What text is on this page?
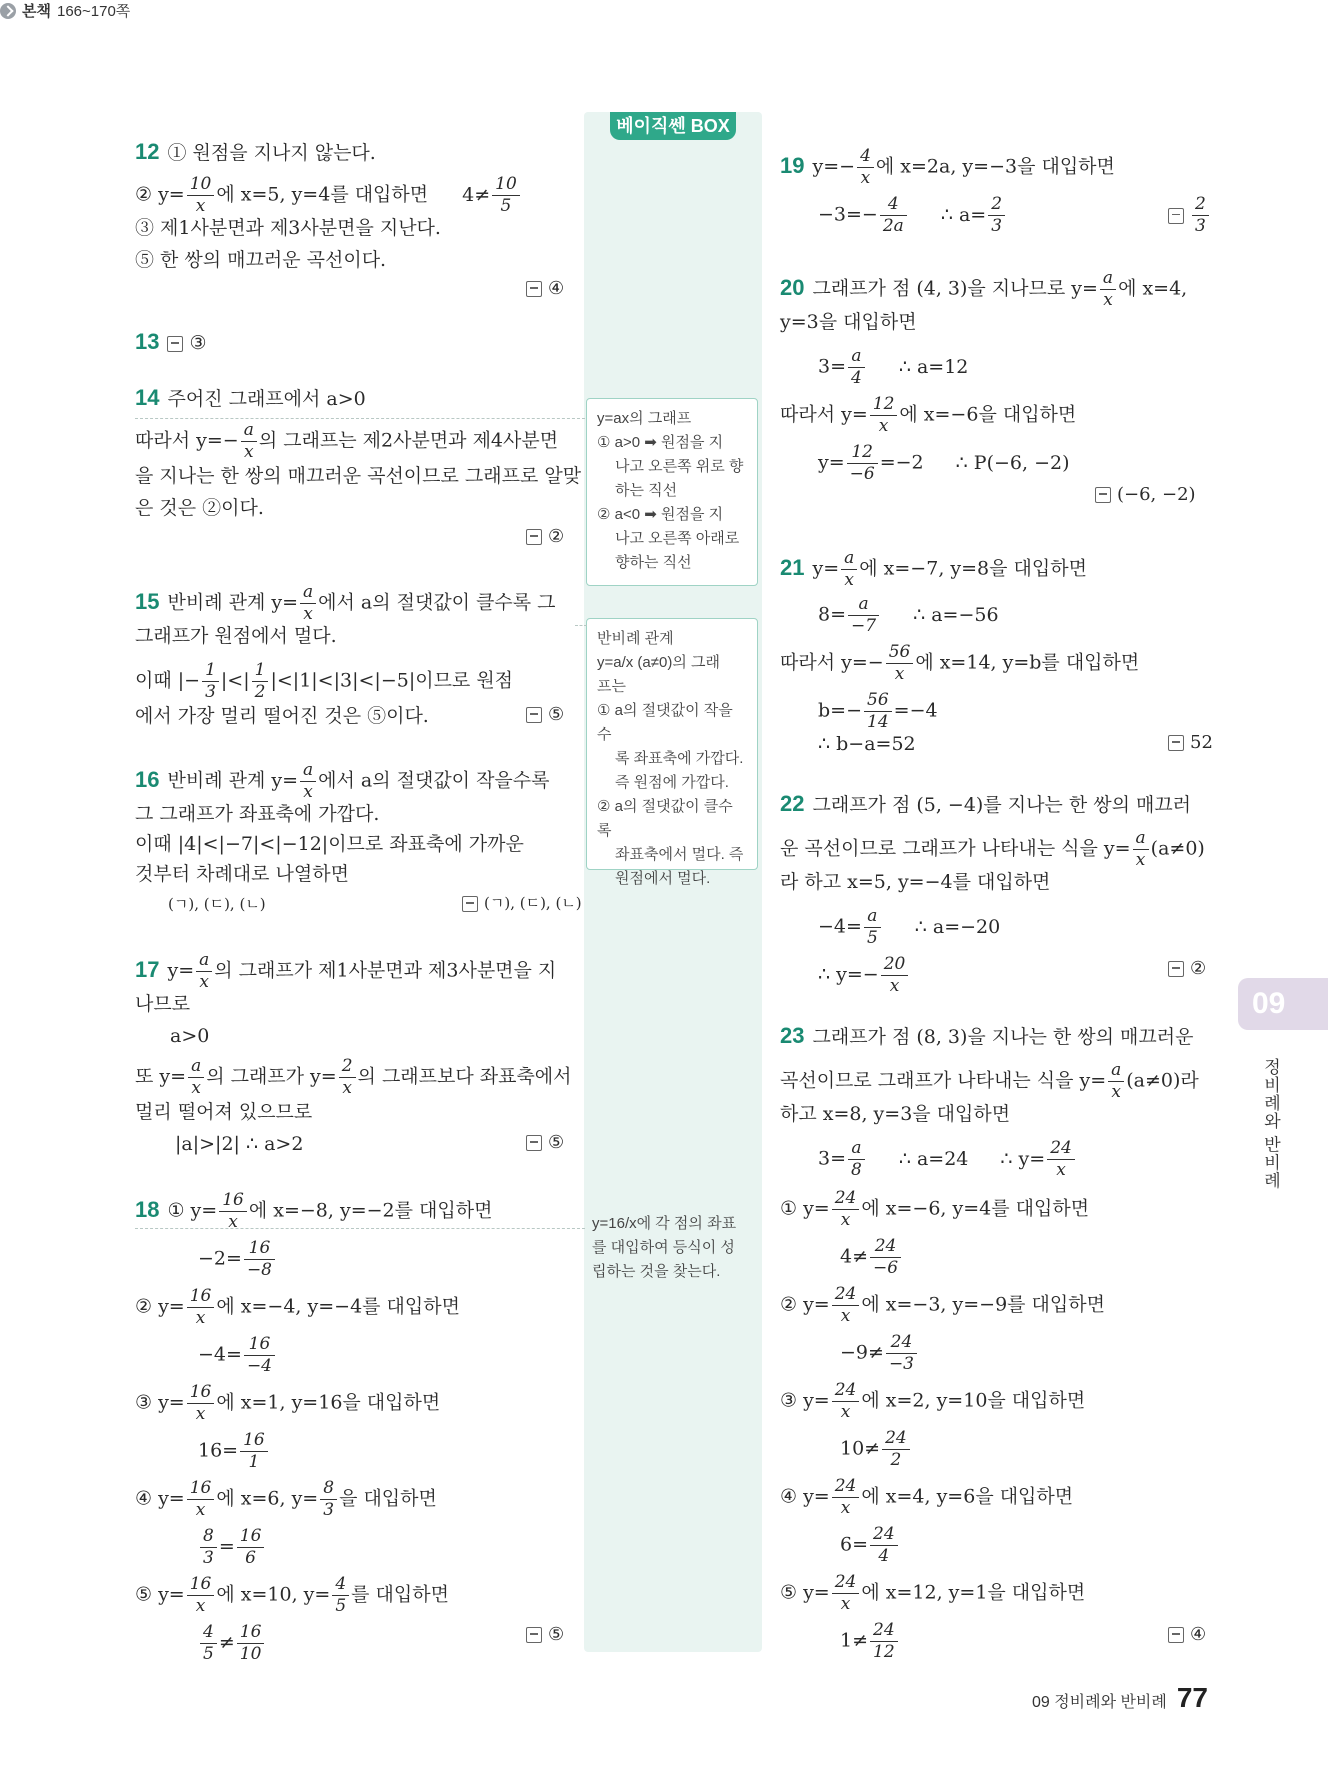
본책 166~170쪽
베이직쎈 BOX
y=ax의 그래프
① a>0 ➡ 원점을 지
나고 오른쪽 위로 향
하는 직선
② a<0 ➡ 원점을 지
나고 오른쪽 아래로
향하는 직선
반비례 관계
y=a/x (a≠0)의 그래
프는
① a의 절댓값이 작을수
록 좌표축에 가깝다.
즉 원점에 가깝다.
② a의 절댓값이 클수록
좌표축에서 멀다. 즉
원점에서 멀다.
y=16/x에 각 점의 좌표
를 대입하여 등식이 성
립하는 것을 찾는다.
12 ① 원점을 지나지 않는다.
② $y= \frac{10}{x}$ 에 x=5, y=4를 대입하면 $4\ne \frac{10}{5}$
③ 제1사분면과 제3사분면을 지난다.
⑤ 한 쌍의 매끄러운 곡선이다.
④
13 ③
14 주어진 그래프에서 a>0
따라서 $y=- \frac{a}{x}$ 의 그래프는 제2사분면과 제4사분면
을 지나는 한 쌍의 매끄러운 곡선이므로 그래프로 알맞
은 것은 ②이다.
②
15 반비례 관계 $y= \frac{a}{x}$ 에서 a의 절댓값이 클수록 그
그래프가 원점에서 멀다.
이때 |− $\frac{1}{3}$ |<| $\frac{1}{2} |<|1|<|3|<|-5|$이므로 원점
에서 가장 멀리 떨어진 것은 ⑤이다.	⑤
16 반비례 관계 $y= \frac{a}{x}$ 에서 a의 절댓값이 작을수록
그 그래프가 좌표축에 가깝다.
이때 |4|<|−7|<|−12|이므로 좌표축에 가까운
것부터 차례대로 나열하면
(ㄱ), (ㄷ), (ㄴ)	(ㄱ), (ㄷ), (ㄴ)
17 $y= \frac{a}{x}$ 의 그래프가 제1사분면과 제3사분면을 지
나므로
a>0
또 $y= \frac{a}{x}$ 의 그래프가 $y= \frac{2}{x}$ 의 그래프보다 좌표축에서
멀리 떨어져 있으므로
|a|>|2| ∴ a>2	⑤
18 ① $y= \frac{16}{x}$ 에 x=−8, y=−2를 대입하면
$-2= \frac{16}{-8}$
② $y= \frac{16}{x}$ 에 x=−4, y=−4를 대입하면
$-4= \frac{16}{-4}$
③ $y= \frac{16}{x}$ 에 x=1, y=16을 대입하면
$16= \frac{16}{1}$
④ $y= \frac{16}{x}$ 에 x=6, $y= \frac{8}{3}$ 을 대입하면
$\frac{8}{3} = \frac{16}{6}$
⑤ $y= \frac{16}{x}$ 에 x=10, $y= \frac{4}{5}$ 를 대입하면
$\frac{4}{5} \ne \frac{16}{10}$	⑤
19 $y=- \frac{4}{x}$ 에 x=2a, y=−3을 대입하면
$-3=- \frac{4}{2a}$ ∴ $a= \frac{2}{3}$	$\frac{2}{3}$
20 그래프가 점 (4, 3)을 지나므로 $y= \frac{a}{x}$ 에 x=4,
y=3을 대입하면
$3= \frac{a}{4}$ ∴ a=12
따라서 $y= \frac{12}{x}$ 에 x=−6을 대입하면
$y= \frac{12}{-6} =-2$ ∴ P(−6, −2)
(−6, −2)
21 $y= \frac{a}{x}$ 에 x=−7, y=8을 대입하면
$8= \frac{a}{-7}$ ∴ a=−56
따라서 $y=- \frac{56}{x}$ 에 x=14, y=b를 대입하면
$b=- \frac{56}{14} =-4$
∴ b−a=52	52
22 그래프가 점 (5, −4)를 지나는 한 쌍의 매끄러
운 곡선이므로 그래프가 나타내는 식을 $y= \frac{a}{x} (a\ne 0)$
라 하고 x=5, y=−4를 대입하면
$-4= \frac{a}{5}$ ∴ a=−20
∴ $y=- \frac{20}{x}$	②
23 그래프가 점 (8, 3)을 지나는 한 쌍의 매끄러운
곡선이므로 그래프가 나타내는 식을 $y= \frac{a}{x} (a\ne 0)$라
하고 x=8, y=3을 대입하면
$3= \frac{a}{8}$ ∴ a=24 ∴ $y= \frac{24}{x}$
① $y= \frac{24}{x}$ 에 x=−6, y=4를 대입하면
$4\ne \frac{24}{-6}$
② $y= \frac{24}{x}$ 에 x=−3, y=−9를 대입하면
$-9\ne \frac{24}{-3}$
③ $y= \frac{24}{x}$ 에 x=2, y=10을 대입하면
$10\ne \frac{24}{2}$
④ $y= \frac{24}{x}$ 에 x=4, y=6을 대입하면
$6= \frac{24}{4}$
⑤ $y= \frac{24}{x}$ 에 x=12, y=1을 대입하면
$1\ne \frac{24}{12}$	④
09
정비례와 반비례
09 정비례와 반비례 77
